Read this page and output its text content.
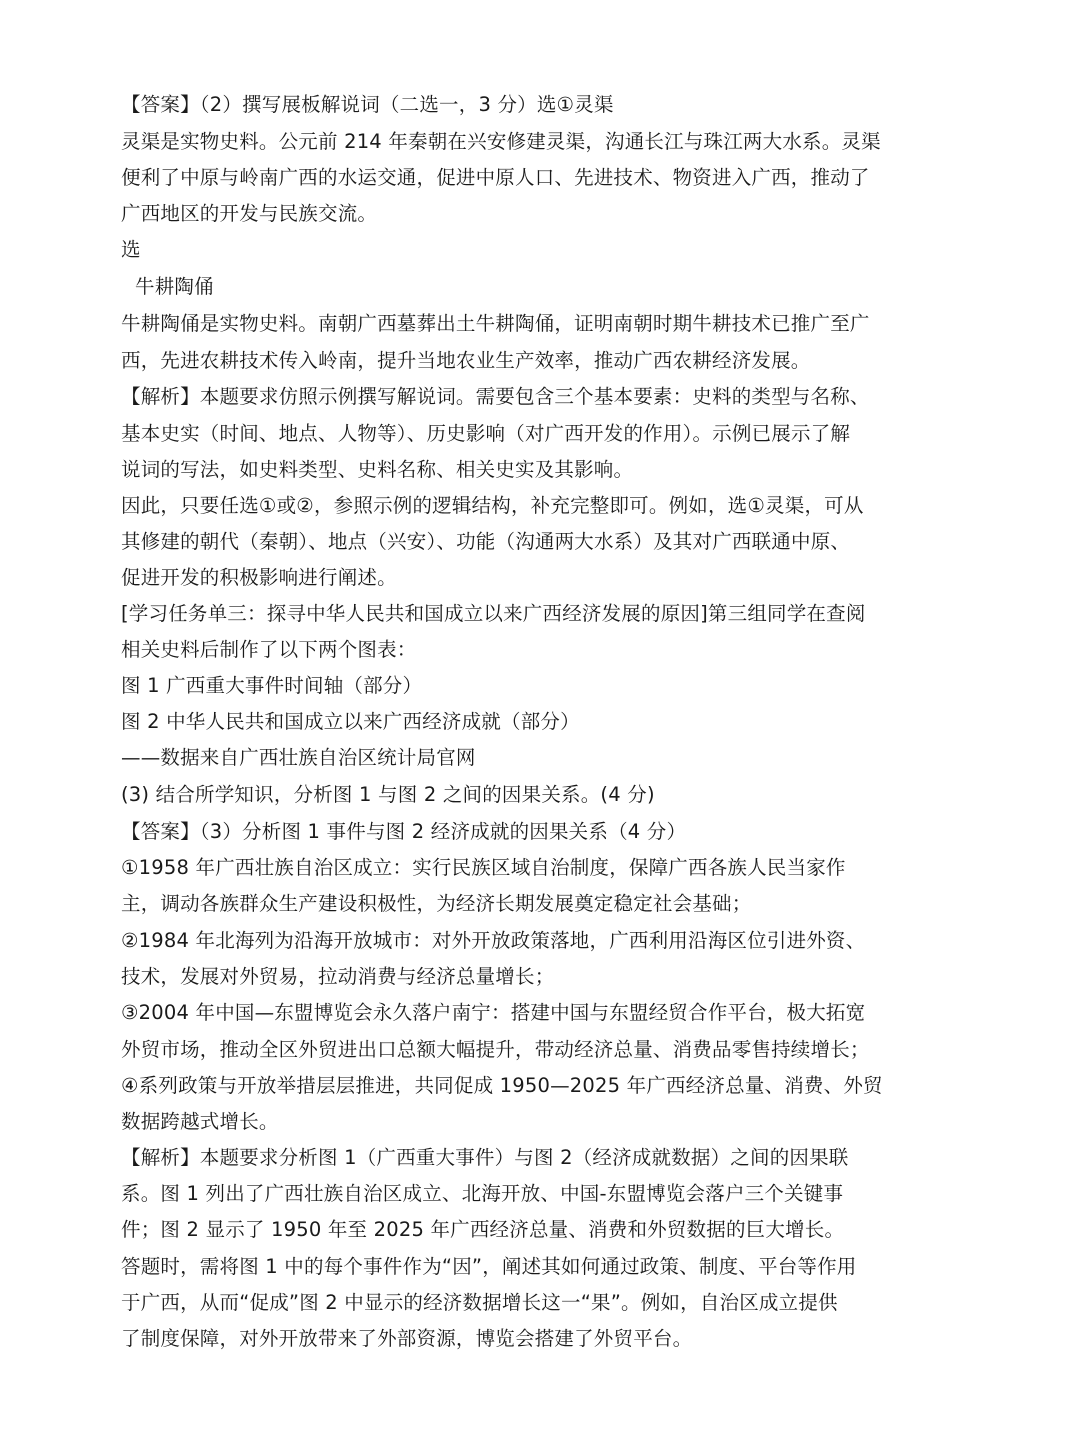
【答案】（2）撰写展板解说词（二选一，3 分）选①灵渠
灵渠是实物史料。公元前 214 年秦朝在兴安修建灵渠，沟通长江与珠江两大水系。灵渠
便利了中原与岭南广西的水运交通，促进中原人口、先进技术、物资进入广西，推动了
广西地区的开发与民族交流。
选
牛耕陶俑
牛耕陶俑是实物史料。南朝广西墓葬出土牛耕陶俑，证明南朝时期牛耕技术已推广至广
西，先进农耕技术传入岭南，提升当地农业生产效率，推动广西农耕经济发展。
【解析】本题要求仿照示例撰写解说词。需要包含三个基本要素：史料的类型与名称、
基本史实（时间、地点、人物等）、历史影响（对广西开发的作用）。示例已展示了解
说词的写法，如史料类型、史料名称、相关史实及其影响。
因此，只要任选①或②，参照示例的逻辑结构，补充完整即可。例如，选①灵渠，可从
其修建的朝代（秦朝）、地点（兴安）、功能（沟通两大水系）及其对广西联通中原、
促进开发的积极影响进行阐述。
[学习任务单三：探寻中华人民共和国成立以来广西经济发展的原因]第三组同学在查阅
相关史料后制作了以下两个图表：
图 1 广西重大事件时间轴（部分）
图 2 中华人民共和国成立以来广西经济成就（部分）
——数据来自广西壮族自治区统计局官网
(3) 结合所学知识，分析图 1 与图 2 之间的因果关系。(4 分)
【答案】（3）分析图 1 事件与图 2 经济成就的因果关系（4 分）
①1958 年广西壮族自治区成立：实行民族区域自治制度，保障广西各族人民当家作
主，调动各族群众生产建设积极性，为经济长期发展奠定稳定社会基础；
②1984 年北海列为沿海开放城市：对外开放政策落地，广西利用沿海区位引进外资、
技术，发展对外贸易，拉动消费与经济总量增长；
③2004 年中国—东盟博览会永久落户南宁：搭建中国与东盟经贸合作平台，极大拓宽
外贸市场，推动全区外贸进出口总额大幅提升，带动经济总量、消费品零售持续增长；
④系列政策与开放举措层层推进，共同促成 1950—2025 年广西经济总量、消费、外贸
数据跨越式增长。
【解析】本题要求分析图 1（广西重大事件）与图 2（经济成就数据）之间的因果联
系。图 1 列出了广西壮族自治区成立、北海开放、中国-东盟博览会落户三个关键事
件；图 2 显示了 1950 年至 2025 年广西经济总量、消费和外贸数据的巨大增长。
答题时，需将图 1 中的每个事件作为“因”，阐述其如何通过政策、制度、平台等作用
于广西，从而“促成”图 2 中显示的经济数据增长这一“果”。例如，自治区成立提供
了制度保障，对外开放带来了外部资源，博览会搭建了外贸平台。
